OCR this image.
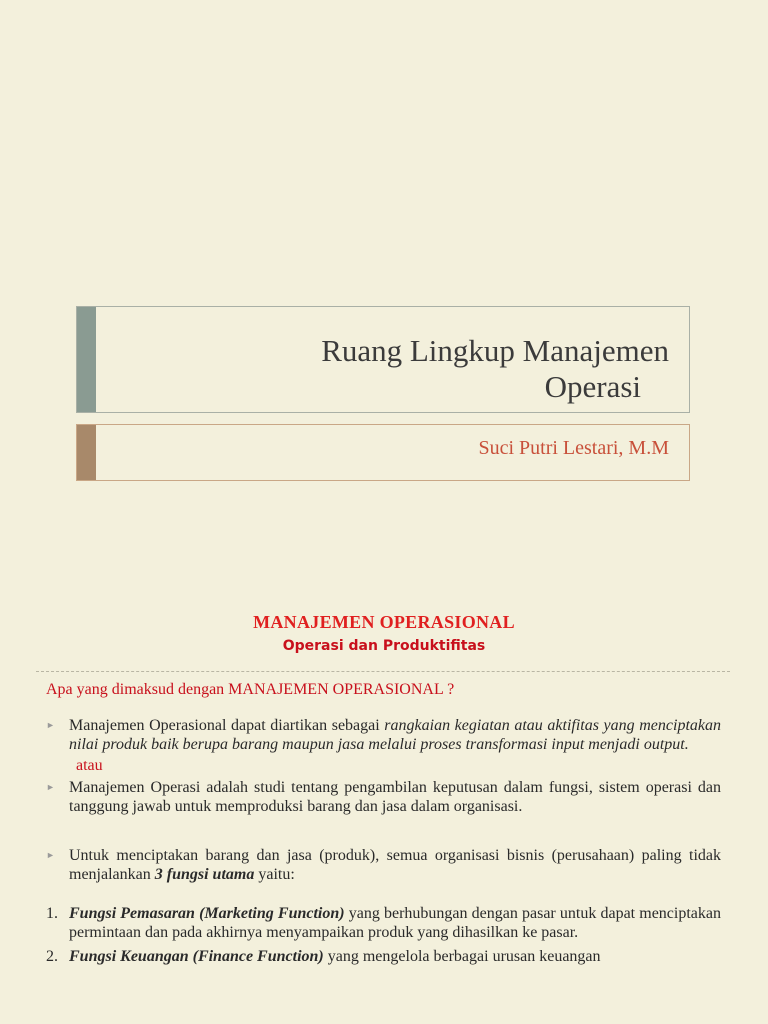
Ruang Lingkup Manajemen
Operasi
Suci Putri Lestari, M.M
MANAJEMEN OPERASIONAL
Operasi dan Produktifitas
Apa yang dimaksud dengan MANAJEMEN OPERASIONAL ?
► Manajemen Operasional dapat diartikan sebagai rangkaian kegiatan atau aktifitas yang menciptakan nilai produk baik berupa barang maupun jasa melalui proses transformasi input menjadi output.
atau
► Manajemen Operasi adalah studi tentang pengambilan keputusan dalam fungsi, sistem operasi dan tanggung jawab untuk memproduksi barang dan jasa dalam organisasi.
► Untuk menciptakan barang dan jasa (produk), semua organisasi bisnis (perusahaan) paling tidak menjalankan 3 fungsi utama yaitu:
1. Fungsi Pemasaran (Marketing Function) yang berhubungan dengan pasar untuk dapat menciptakan permintaan dan pada akhirnya menyampaikan produk yang dihasilkan ke pasar.
2. Fungsi Keuangan (Finance Function) yang mengelola berbagai urusan keuangan
